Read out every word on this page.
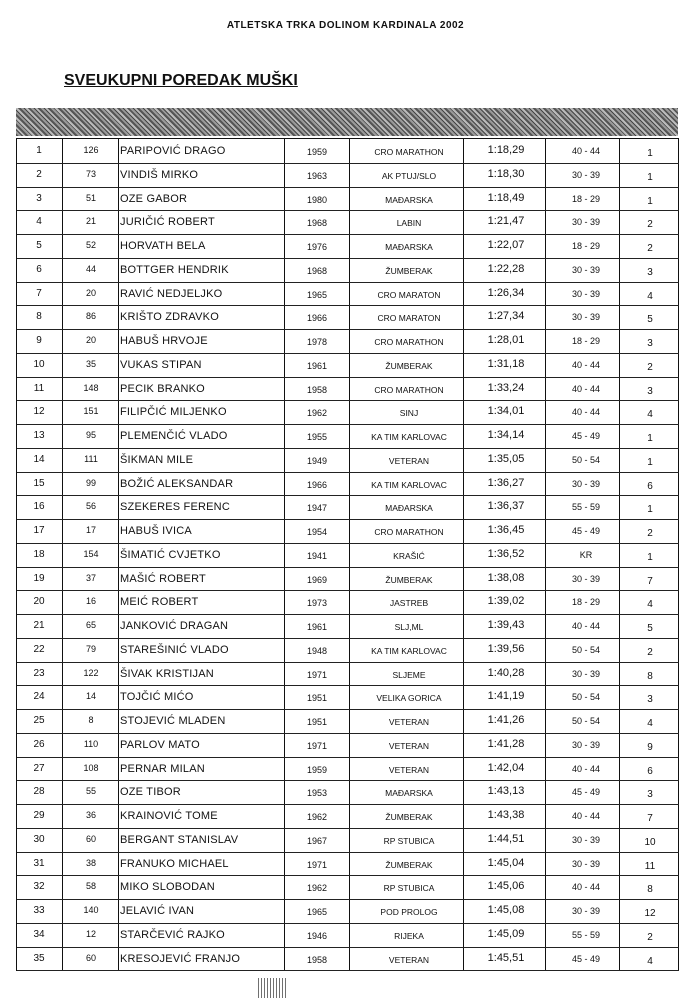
ATLETSKA TRKA DOLINOM KARDINALA 2002
SVEUKUPNI POREDAK MUŠKI
1	126	PARIPOVIĆ DRAGO	1959	CRO MARATHON	1:18,29	40 - 44	1
2	73	VINDIŠ MIRKO	1963	AK PTUJ/SLO	1:18,30	30 - 39	1
3	51	OZE GABOR	1980	MAĐARSKA	1:18,49	18 - 29	1
4	21	JURIČIĆ ROBERT	1968	LABIN	1:21,47	30 - 39	2
5	52	HORVATH BELA	1976	MAĐARSKA	1:22,07	18 - 29	2
6	44	BOTTGER HENDRIK	1968	ŽUMBERAK	1:22,28	30 - 39	3
7	20	RAVIĆ NEDJELJKO	1965	CRO MARATON	1:26,34	30 - 39	4
8	86	KRIŠTO ZDRAVKO	1966	CRO MARATON	1:27,34	30 - 39	5
9	20	HABUŠ HRVOJE	1978	CRO MARATHON	1:28,01	18 - 29	3
10	35	VUKAS STIPAN	1961	ŽUMBERAK	1:31,18	40 - 44	2
11	148	PECIK BRANKO	1958	CRO MARATHON	1:33,24	40 - 44	3
12	151	FILIPČIĆ MILJENKO	1962	SINJ	1:34,01	40 - 44	4
13	95	PLEMENČIĆ VLADO	1955	KA TIM KARLOVAC	1:34,14	45 - 49	1
14	111	ŠIKMAN MILE	1949	VETERAN	1:35,05	50 - 54	1
15	99	BOŽIĆ ALEKSANDAR	1966	KA TIM KARLOVAC	1:36,27	30 - 39	6
16	56	SZEKERES FERENC	1947	MAĐARSKA	1:36,37	55 - 59	1
17	17	HABUŠ IVICA	1954	CRO MARATHON	1:36,45	45 - 49	2
18	154	ŠIMATIĆ CVJETKO	1941	KRAŠIĆ	1:36,52	KR	1
19	37	MAŠIĆ ROBERT	1969	ŽUMBERAK	1:38,08	30 - 39	7
20	16	MEIĆ ROBERT	1973	JASTREB	1:39,02	18 - 29	4
21	65	JANKOVIĆ DRAGAN	1961	SLJ,ML	1:39,43	40 - 44	5
22	79	STAREŠINIĆ VLADO	1948	KA TIM KARLOVAC	1:39,56	50 - 54	2
23	122	ŠIVAK KRISTIJAN	1971	SLJEME	1:40,28	30 - 39	8
24	14	TOJČIĆ MIĆO	1951	VELIKA GORICA	1:41,19	50 - 54	3
25	8	STOJEVIĆ MLADEN	1951	VETERAN	1:41,26	50 - 54	4
26	110	PARLOV MATO	1971	VETERAN	1:41,28	30 - 39	9
27	108	PERNAR MILAN	1959	VETERAN	1:42,04	40 - 44	6
28	55	OZE TIBOR	1953	MAĐARSKA	1:43,13	45 - 49	3
29	36	KRAINOVIĆ TOME	1962	ŽUMBERAK	1:43,38	40 - 44	7
30	60	BERGANT STANISLAV	1967	RP STUBICA	1:44,51	30 - 39	10
31	38	FRANUKO MICHAEL	1971	ŽUMBERAK	1:45,04	30 - 39	11
32	58	MIKO SLOBODAN	1962	RP STUBICA	1:45,06	40 - 44	8
33	140	JELAVIĆ IVAN	1965	POD PROLOG	1:45,08	30 - 39	12
34	12	STARČEVIĆ RAJKO	1946	RIJEKA	1:45,09	55 - 59	2
35	60	KRESOJEVIĆ FRANJO	1958	VETERAN	1:45,51	45 - 49	4
